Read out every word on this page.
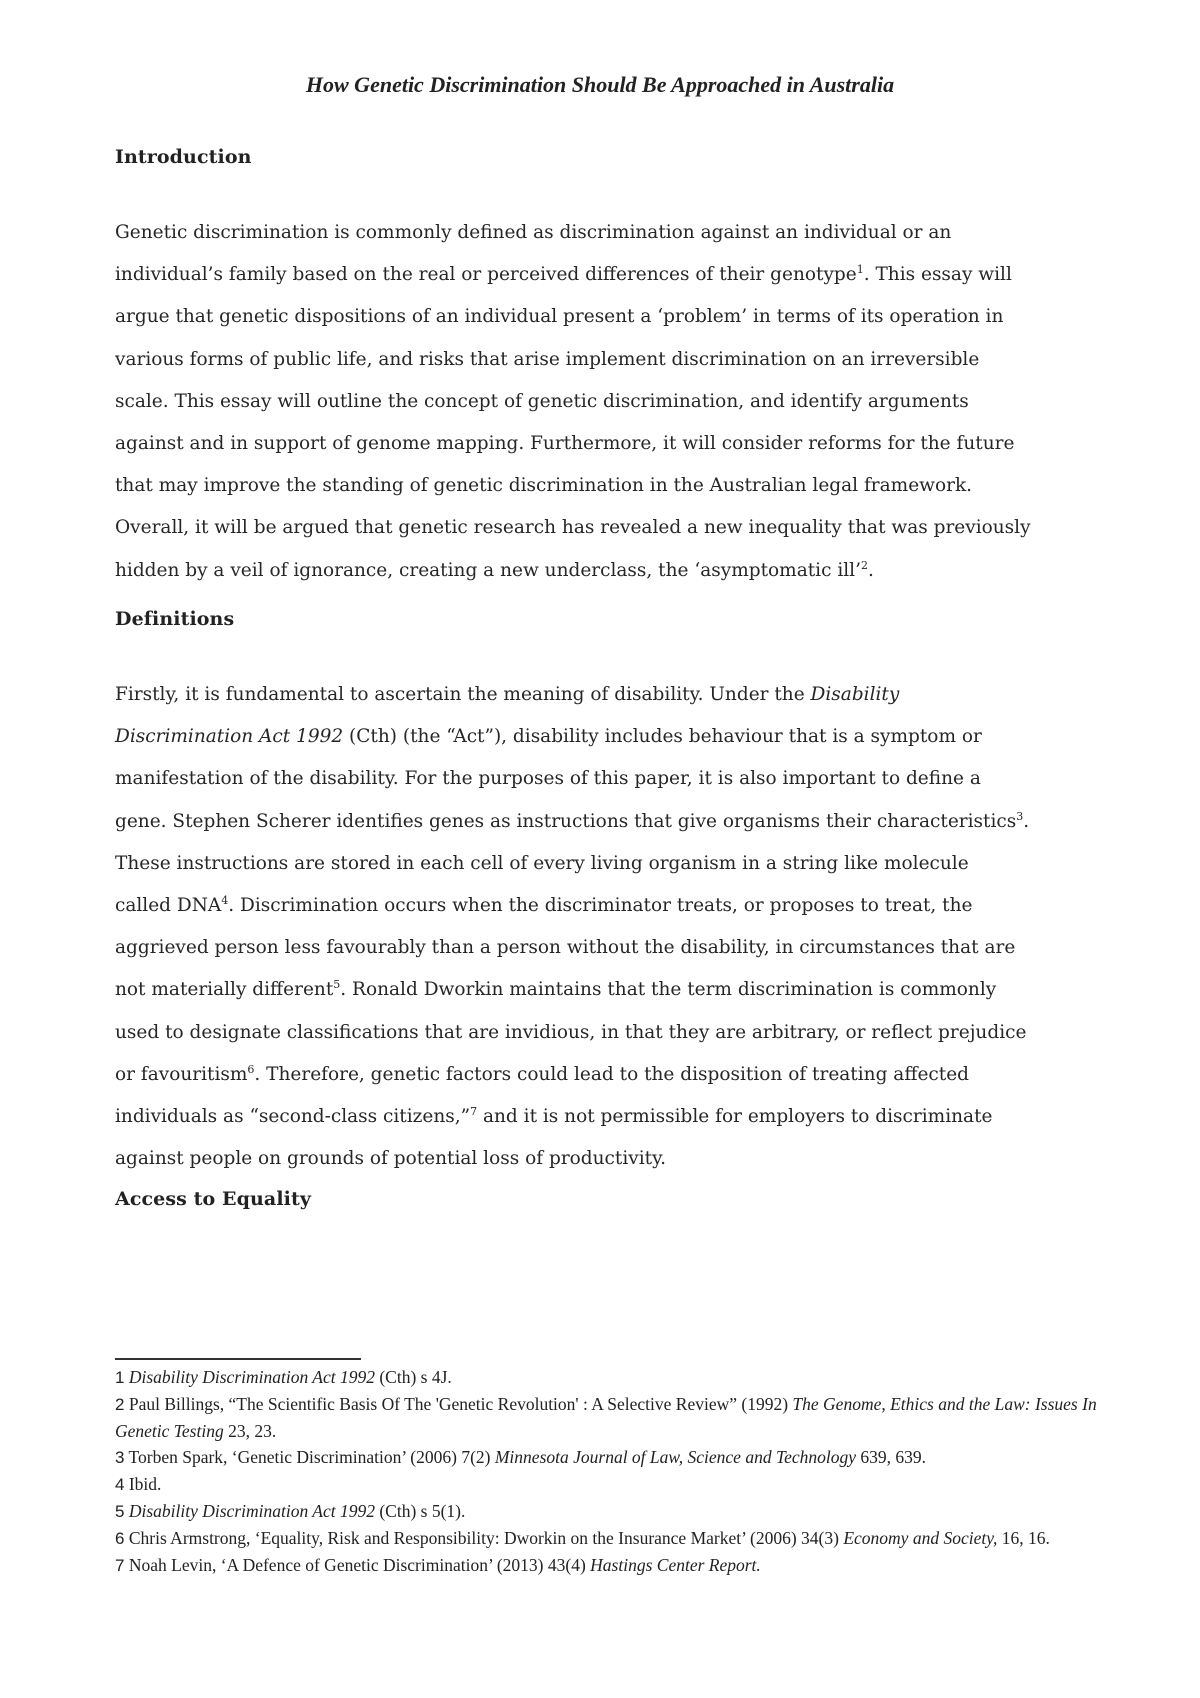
How Genetic Discrimination Should Be Approached in Australia
Introduction
Genetic discrimination is commonly defined as discrimination against an individual or an
individual’s family based on the real or perceived differences of their genotype$^1$. This essay will
argue that genetic dispositions of an individual present a ‘problem’ in terms of its operation in
various forms of public life, and risks that arise implement discrimination on an irreversible
scale. This essay will outline the concept of genetic discrimination, and identify arguments
against and in support of genome mapping. Furthermore, it will consider reforms for the future
that may improve the standing of genetic discrimination in the Australian legal framework.
Overall, it will be argued that genetic research has revealed a new inequality that was previously
hidden by a veil of ignorance, creating a new underclass, the ‘asymptomatic ill’$^2$.
Definitions
Firstly, it is fundamental to ascertain the meaning of disability. Under the Disability
Discrimination Act 1992 (Cth) (the “Act”), disability includes behaviour that is a symptom or
manifestation of the disability. For the purposes of this paper, it is also important to define a
gene. Stephen Scherer identifies genes as instructions that give organisms their characteristics$^3$.
These instructions are stored in each cell of every living organism in a string like molecule
called DNA$^4$. Discrimination occurs when the discriminator treats, or proposes to treat, the
aggrieved person less favourably than a person without the disability, in circumstances that are
not materially different$^5$. Ronald Dworkin maintains that the term discrimination is commonly
used to designate classifications that are invidious, in that they are arbitrary, or reflect prejudice
or favouritism$^6$. Therefore, genetic factors could lead to the disposition of treating affected
individuals as “second-class citizens,”$^7$ and it is not permissible for employers to discriminate
against people on grounds of potential loss of productivity.
Access to Equality
1 Disability Discrimination Act 1992 (Cth) s 4J.
2 Paul Billings, “The Scientific Basis Of The 'Genetic Revolution' : A Selective Review” (1992) The Genome, Ethics and the Law: Issues In Genetic Testing 23, 23.
3 Torben Spark, ‘Genetic Discrimination’ (2006) 7(2) Minnesota Journal of Law, Science and Technology 639, 639.
4 Ibid.
5 Disability Discrimination Act 1992 (Cth) s 5(1).
6 Chris Armstrong, ‘Equality, Risk and Responsibility: Dworkin on the Insurance Market’ (2006) 34(3) Economy and Society, 16, 16.
7 Noah Levin, ‘A Defence of Genetic Discrimination’ (2013) 43(4) Hastings Center Report.
